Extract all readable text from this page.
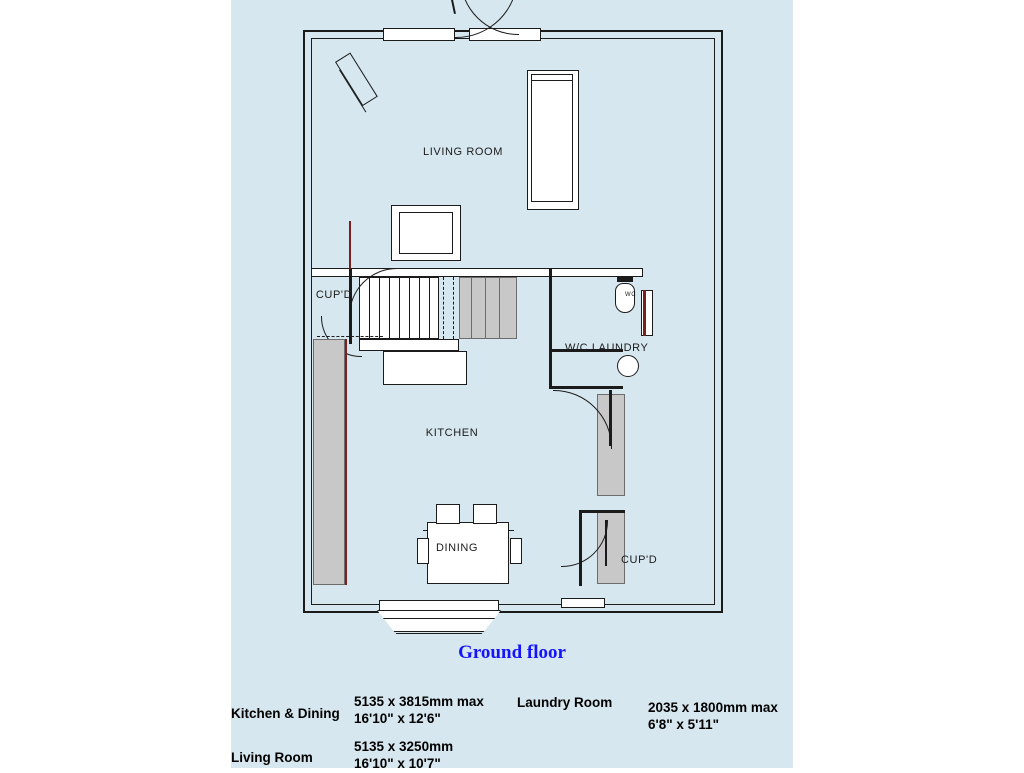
LIVING ROOM
CUP'D	WC
W/C LAUNDRY
KITCHEN
DINING
CUP'D
Ground floor
Kitchen & Dining
5135 x 3815mm max
16'10" x 12'6"
Laundry Room	2035 x 1800mm max
6'8" x 5'11"
Living Room
5135 x 3250mm
16'10" x 10'7"
